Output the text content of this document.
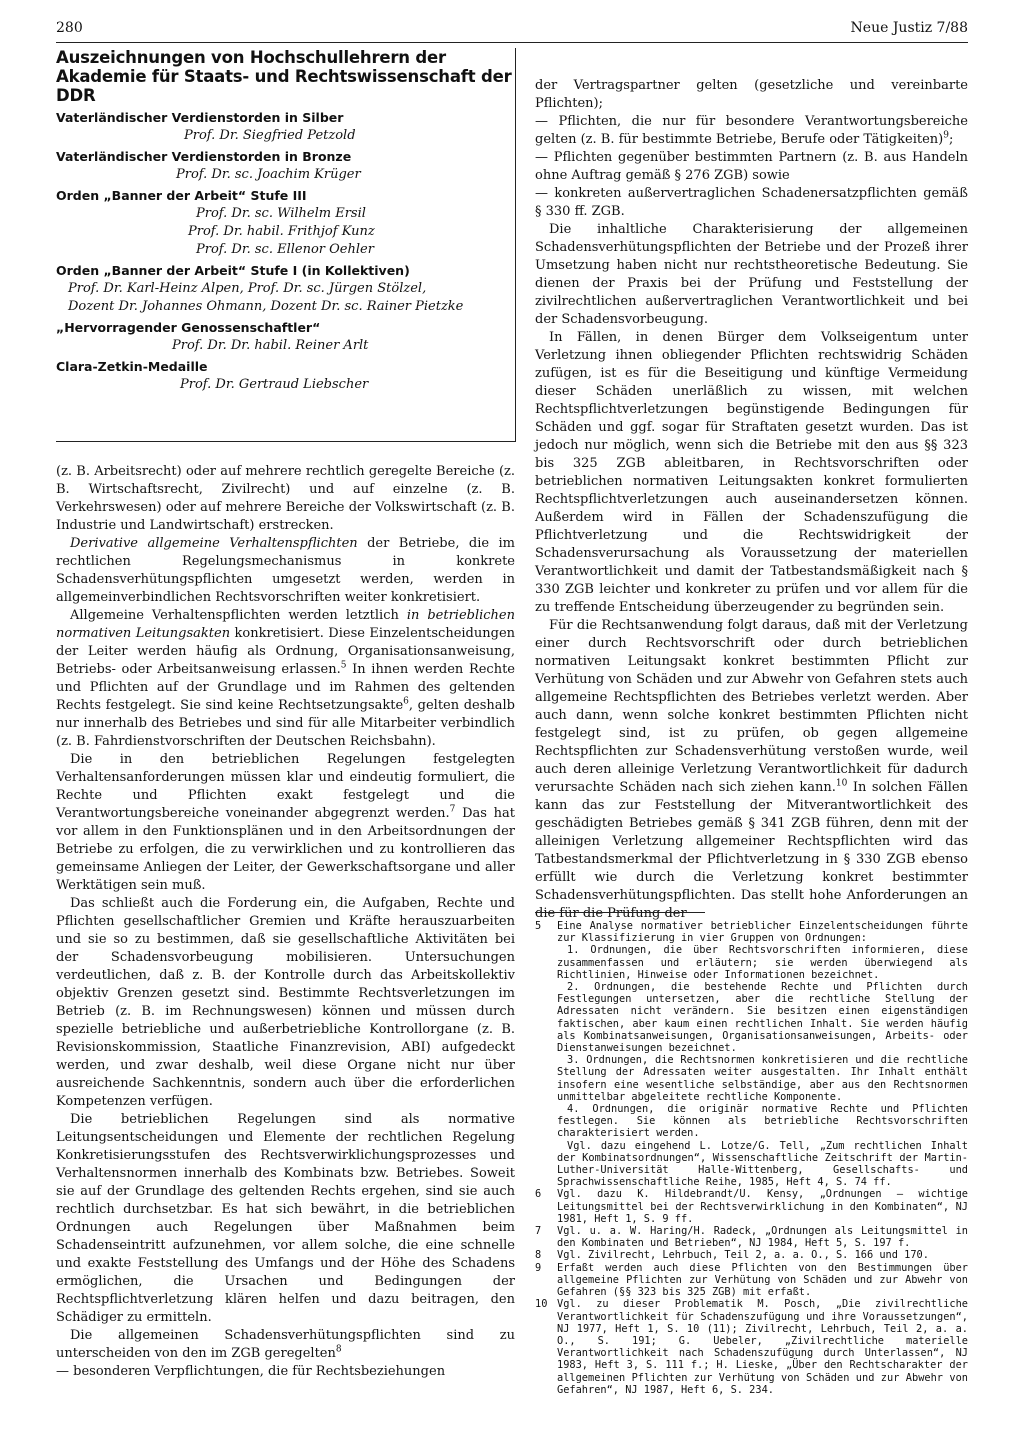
280	Neue Justiz 7/88
Auszeichnungen von Hochschullehrern der Akademie für Staats- und Rechtswissenschaft der DDR

Vaterländischer Verdienstorden in Silber

Prof. Dr. Siegfried Petzold

Vaterländischer Verdienstorden in Bronze

Prof. Dr. sc. Joachim Krüger

Orden „Banner der Arbeit“ Stufe III

Prof. Dr. sc. Wilhelm Ersil
Prof. Dr. habil. Frithjof Kunz
Prof. Dr. sc. Ellenor Oehler

Orden „Banner der Arbeit“ Stufe I (in Kollektiven)

Prof. Dr. Karl-Heinz Alpen, Prof. Dr. sc. Jürgen Stölzel,
Dozent Dr. Johannes Ohmann, Dozent Dr. sc. Rainer Pietzke

„Hervorragender Genossenschaftler“

Prof. Dr. Dr. habil. Reiner Arlt

Clara-Zetkin-Medaille

Prof. Dr. Gertraud Liebscher

(z. B. Arbeitsrecht) oder auf mehrere rechtlich geregelte Bereiche (z. B. Wirtschaftsrecht, Zivilrecht) und auf einzelne (z. B. Verkehrswesen) oder auf mehrere Bereiche der Volkswirtschaft (z. B. Industrie und Landwirtschaft) erstrecken.

Derivative allgemeine Verhaltenspflichten der Betriebe, die im rechtlichen Regelungsmechanismus in konkrete Schadensverhütungspflichten umgesetzt werden, werden in allgemeinverbindlichen Rechtsvorschriften weiter konkretisiert.

Allgemeine Verhaltenspflichten werden letztlich in betrieblichen normativen Leitungsakten konkretisiert. Diese Einzelentscheidungen der Leiter werden häufig als Ordnung, Organisationsanweisung, Betriebs- oder Arbeitsanweisung erlassen.$^5$ In ihnen werden Rechte und Pflichten auf der Grundlage und im Rahmen des geltenden Rechts festgelegt. Sie sind keine Rechtsetzungsakte$^6$, gelten deshalb nur innerhalb des Betriebes und sind für alle Mitarbeiter verbindlich (z. B. Fahrdienstvorschriften der Deutschen Reichsbahn).

Die in den betrieblichen Regelungen festgelegten Verhaltensanforderungen müssen klar und eindeutig formuliert, die Rechte und Pflichten exakt festgelegt und die Verantwortungsbereiche voneinander abgegrenzt werden.$^7$ Das hat vor allem in den Funktionsplänen und in den Arbeitsordnungen der Betriebe zu erfolgen, die zu verwirklichen und zu kontrollieren das gemeinsame Anliegen der Leiter, der Gewerkschaftsorgane und aller Werktätigen sein muß.

Das schließt auch die Forderung ein, die Aufgaben, Rechte und Pflichten gesellschaftlicher Gremien und Kräfte herauszuarbeiten und sie so zu bestimmen, daß sie gesellschaftliche Aktivitäten bei der Schadensvorbeugung mobilisieren. Untersuchungen verdeutlichen, daß z. B. der Kontrolle durch das Arbeitskollektiv objektiv Grenzen gesetzt sind. Bestimmte Rechtsverletzungen im Betrieb (z. B. im Rechnungswesen) können und müssen durch spezielle betriebliche und außerbetriebliche Kontrollorgane (z. B. Revisionskommission, Staatliche Finanzrevision, ABI) aufgedeckt werden, und zwar deshalb, weil diese Organe nicht nur über ausreichende Sachkenntnis, sondern auch über die erforderlichen Kompetenzen verfügen.

Die betrieblichen Regelungen sind als normative Leitungsentscheidungen und Elemente der rechtlichen Regelung Konkretisierungsstufen des Rechtsverwirklichungsprozesses und Verhaltensnormen innerhalb des Kombinats bzw. Betriebes. Soweit sie auf der Grundlage des geltenden Rechts ergehen, sind sie auch rechtlich durchsetzbar. Es hat sich bewährt, in die betrieblichen Ordnungen auch Regelungen über Maßnahmen beim Schadenseintritt aufzunehmen, vor allem solche, die eine schnelle und exakte Feststellung des Umfangs und der Höhe des Schadens ermöglichen, die Ursachen und Bedingungen der Rechtspflichtverletzung klären helfen und dazu beitragen, den Schädiger zu ermitteln.

Die allgemeinen Schadensverhütungspflichten sind zu unterscheiden von den im ZGB geregelten$^8$

— besonderen Verpflichtungen, die für Rechtsbeziehungen

der Vertragspartner gelten (gesetzliche und vereinbarte Pflichten);

— Pflichten, die nur für besondere Verantwortungsbereiche gelten (z. B. für bestimmte Betriebe, Berufe oder Tätigkeiten)$^9$;

— Pflichten gegenüber bestimmten Partnern (z. B. aus Handeln ohne Auftrag gemäß § 276 ZGB) sowie

— konkreten außervertraglichen Schadenersatzpflichten gemäß § 330 ff. ZGB.

Die inhaltliche Charakterisierung der allgemeinen Schadensverhütungspflichten der Betriebe und der Prozeß ihrer Umsetzung haben nicht nur rechtstheoretische Bedeutung. Sie dienen der Praxis bei der Prüfung und Feststellung der zivilrechtlichen außervertraglichen Verantwortlichkeit und bei der Schadensvorbeugung.

In Fällen, in denen Bürger dem Volkseigentum unter Verletzung ihnen obliegender Pflichten rechtswidrig Schäden zufügen, ist es für die Beseitigung und künftige Vermeidung dieser Schäden unerläßlich zu wissen, mit welchen Rechtspflichtverletzungen begünstigende Bedingungen für Schäden und ggf. sogar für Straftaten gesetzt wurden. Das ist jedoch nur möglich, wenn sich die Betriebe mit den aus §§ 323 bis 325 ZGB ableitbaren, in Rechtsvorschriften oder betrieblichen normativen Leitungsakten konkret formulierten Rechtspflichtverletzungen auch auseinandersetzen können. Außerdem wird in Fällen der Schadenszufügung die Pflichtverletzung und die Rechtswidrigkeit der Schadensverursachung als Voraussetzung der materiellen Verantwortlichkeit und damit der Tatbestandsmäßigkeit nach § 330 ZGB leichter und konkreter zu prüfen und vor allem für die zu treffende Entscheidung überzeugender zu begründen sein.

Für die Rechtsanwendung folgt daraus, daß mit der Verletzung einer durch Rechtsvorschrift oder durch betrieblichen normativen Leitungsakt konkret bestimmten Pflicht zur Verhütung von Schäden und zur Abwehr von Gefahren stets auch allgemeine Rechtspflichten des Betriebes verletzt werden. Aber auch dann, wenn solche konkret bestimmten Pflichten nicht festgelegt sind, ist zu prüfen, ob gegen allgemeine Rechtspflichten zur Schadensverhütung verstoßen wurde, weil auch deren alleinige Verletzung Verantwortlichkeit für dadurch verursachte Schäden nach sich ziehen kann.$^{10}$ In solchen Fällen kann das zur Feststellung der Mitverantwortlichkeit des geschädigten Betriebes gemäß § 341 ZGB führen, denn mit der alleinigen Verletzung allgemeiner Rechtspflichten wird das Tatbestandsmerkmal der Pflichtverletzung in § 330 ZGB ebenso erfüllt wie durch die Verletzung konkret bestimmter Schadensverhütungspflichten. Das stellt hohe Anforderungen an die für die Prüfung der

5 Eine Analyse normativer betrieblicher Einzelentscheidungen führte zur Klassifizierung in vier Gruppen von Ordnungen:
1. Ordnungen, die über Rechtsvorschriften informieren, diese zusammenfassen und erläutern; sie werden überwiegend als Richtlinien, Hinweise oder Informationen bezeichnet.
2. Ordnungen, die bestehende Rechte und Pflichten durch Festlegungen untersetzen, aber die rechtliche Stellung der Adressaten nicht verändern. Sie besitzen einen eigenständigen faktischen, aber kaum einen rechtlichen Inhalt. Sie werden häufig als Kombinatsanweisungen, Organisationsanweisungen, Arbeits- oder Dienstanweisungen bezeichnet.
3. Ordnungen, die Rechtsnormen konkretisieren und die rechtliche Stellung der Adressaten weiter ausgestalten. Ihr Inhalt enthält insofern eine wesentliche selbständige, aber aus den Rechtsnormen unmittelbar abgeleitete rechtliche Komponente.
4. Ordnungen, die originär normative Rechte und Pflichten festlegen. Sie können als betriebliche Rechtsvorschriften charakterisiert werden.
Vgl. dazu eingehend L. Lotze/G. Tell, „Zum rechtlichen Inhalt der Kombinatsordnungen“, Wissenschaftliche Zeitschrift der Martin-Luther-Universität Halle-Wittenberg, Gesellschafts- und Sprachwissenschaftliche Reihe, 1985, Heft 4, S. 74 ff.
6 Vgl. dazu K. Hildebrandt/U. Kensy, „Ordnungen – wichtige Leitungsmittel bei der Rechtsverwirklichung in den Kombinaten“, NJ 1981, Heft 1, S. 9 ff.
7 Vgl. u. a. W. Haring/H. Radeck, „Ordnungen als Leitungsmittel in den Kombinaten und Betrieben“, NJ 1984, Heft 5, S. 197 f.
8 Vgl. Zivilrecht, Lehrbuch, Teil 2, a. a. O., S. 166 und 170.
9 Erfaßt werden auch diese Pflichten von den Bestimmungen über allgemeine Pflichten zur Verhütung von Schäden und zur Abwehr von Gefahren (§§ 323 bis 325 ZGB) mit erfaßt.
10 Vgl. zu dieser Problematik M. Posch, „Die zivilrechtliche Verantwortlichkeit für Schadenszufügung und ihre Voraussetzungen“, NJ 1977, Heft 1, S. 10 (11); Zivilrecht, Lehrbuch, Teil 2, a. a. O., S. 191; G. Uebeler, „Zivilrechtliche materielle Verantwortlichkeit nach Schadenszufügung durch Unterlassen“, NJ 1983, Heft 3, S. 111 f.; H. Lieske, „Über den Rechtscharakter der allgemeinen Pflichten zur Verhütung von Schäden und zur Abwehr von Gefahren“, NJ 1987, Heft 6, S. 234.
